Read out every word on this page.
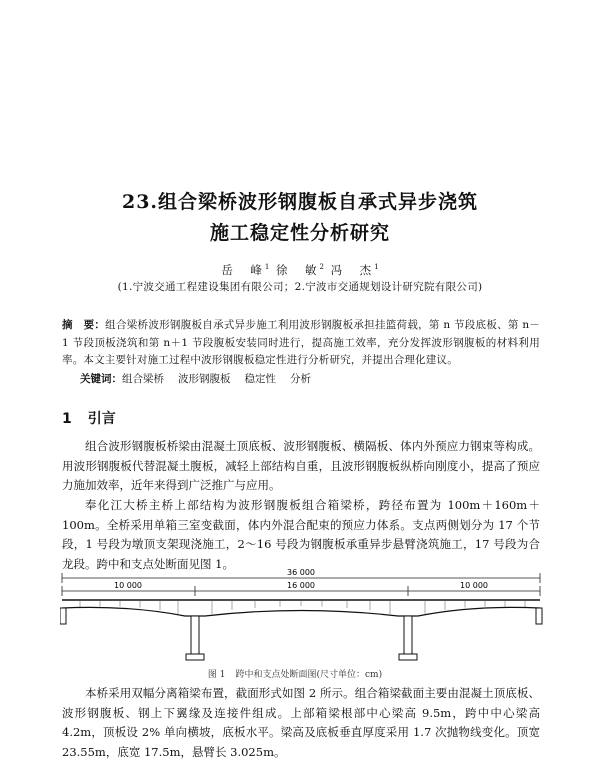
23.组合梁桥波形钢腹板自承式异步浇筑
施工稳定性分析研究
岳　峰$^1$ 徐　敏$^2$ 冯　杰$^1$
(1.宁波交通工程建设集团有限公司；2.宁波市交通规划设计研究院有限公司)
摘　要：组合梁桥波形钢腹板自承式异步施工利用波形钢腹板承担挂篮荷载，第 n 节段底板、第 n－1 节段顶板浇筑和第 n＋1 节段腹板安装同时进行，提高施工效率，充分发挥波形钢腹板的材料利用率。本文主要针对施工过程中波形钢腹板稳定性进行分析研究，并提出合理化建议。
关键词：组合梁桥 波形钢腹板 稳定性 分析
1 引言

组合波形钢腹板桥梁由混凝土顶底板、波形钢腹板、横隔板、体内外预应力钢束等构成。用波形钢腹板代替混凝土腹板，减轻上部结构自重，且波形钢腹板纵桥向刚度小，提高了预应力施加效率，近年来得到广泛推广与应用。

奉化江大桥主桥上部结构为波形钢腹板组合箱梁桥，跨径布置为 100m＋160m＋100m。全桥采用单箱三室变截面，体内外混合配束的预应力体系。支点两侧划分为 17 个节段，1 号段为墩顶支架现浇施工，2～16 号段为钢腹板承重异步悬臂浇筑施工，17 号段为合龙段。跨中和支点处断面见图 1。

36 000
10 000	16 000	10 000
图 1 跨中和支点处断面图(尺寸单位：cm)

本桥采用双幅分离箱梁布置，截面形式如图 2 所示。组合箱梁截面主要由混凝土顶底板、波形钢腹板、钢上下翼缘及连接件组成。上部箱梁根部中心梁高 9.5m，跨中中心梁高 4.2m，顶板设 2% 单向横坡，底板水平。梁高及底板垂直厚度采用 1.7 次抛物线变化。顶宽 23.55m，底宽 17.5m，悬臂长 3.025m。
